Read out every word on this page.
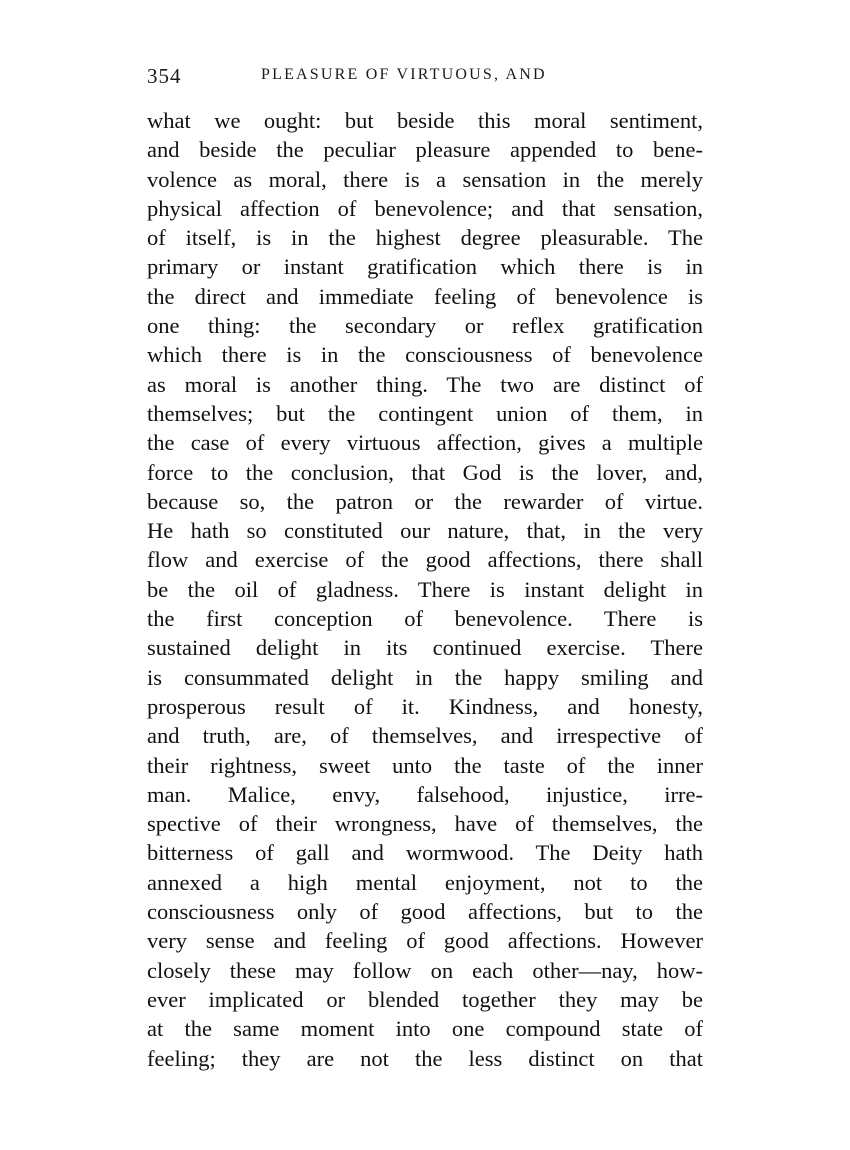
354	PLEASURE OF VIRTUOUS, AND
what we ought: but beside this moral sentiment,
and beside the peculiar pleasure appended to bene-
volence as moral, there is a sensation in the merely
physical affection of benevolence; and that sensation,
of itself, is in the highest degree pleasurable. The
primary or instant gratification which there is in
the direct and immediate feeling of benevolence is
one thing: the secondary or reflex gratification
which there is in the consciousness of benevolence
as moral is another thing. The two are distinct of
themselves; but the contingent union of them, in
the case of every virtuous affection, gives a multiple
force to the conclusion, that God is the lover, and,
because so, the patron or the rewarder of virtue.
He hath so constituted our nature, that, in the very
flow and exercise of the good affections, there shall
be the oil of gladness. There is instant delight in
the first conception of benevolence. There is
sustained delight in its continued exercise. There
is consummated delight in the happy smiling and
prosperous result of it. Kindness, and honesty,
and truth, are, of themselves, and irrespective of
their rightness, sweet unto the taste of the inner
man. Malice, envy, falsehood, injustice, irre-
spective of their wrongness, have of themselves, the
bitterness of gall and wormwood. The Deity hath
annexed a high mental enjoyment, not to the
consciousness only of good affections, but to the
very sense and feeling of good affections. However
closely these may follow on each other—nay, how-
ever implicated or blended together they may be
at the same moment into one compound state of
feeling; they are not the less distinct on that
